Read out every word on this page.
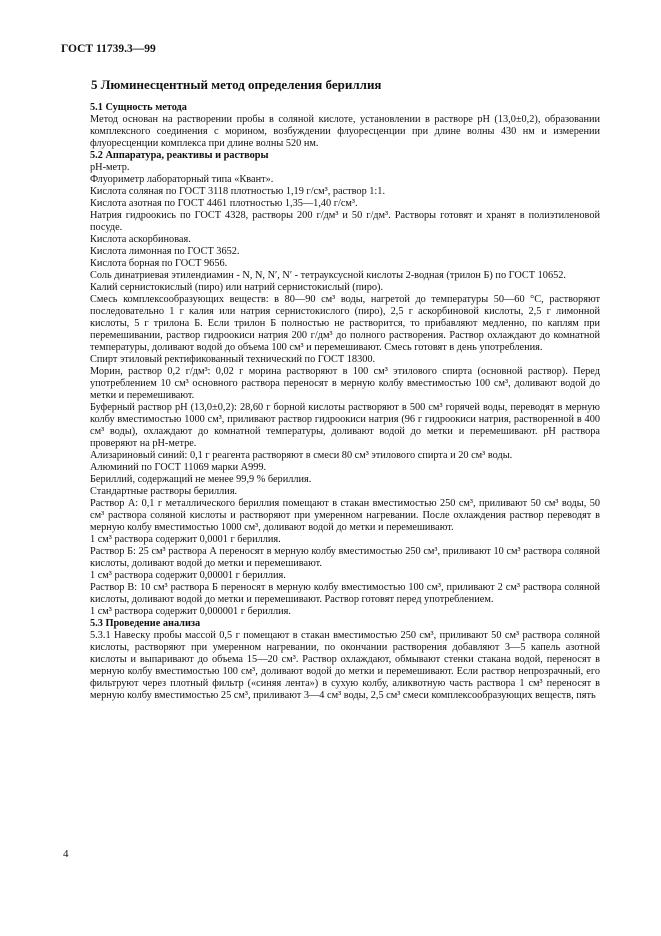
ГОСТ 11739.3—99
5 Люминесцентный метод определения бериллия

5.1 Сущность метода

Метод основан на растворении пробы в соляной кислоте, установлении в растворе pH (13,0±0,2), образовании комплексного соединения с морином, возбуждении флуоресценции при длине волны 430 нм и измерении флуоресценции комплекса при длине волны 520 нм.

5.2 Аппаратура, реактивы и растворы

pH-метр.

Флуориметр лабораторный типа «Квант».

Кислота соляная по ГОСТ 3118 плотностью 1,19 г/см³, раствор 1:1.

Кислота азотная по ГОСТ 4461 плотностью 1,35—1,40 г/см³.

Натрия гидроокись по ГОСТ 4328, растворы 200 г/дм³ и 50 г/дм³. Растворы готовят и хранят в полиэтиленовой посуде.

Кислота аскорбиновая.

Кислота лимонная по ГОСТ 3652.

Кислота борная по ГОСТ 9656.

Соль динатриевая этилендиамин - N, N, N′, N′ - тетрауксусной кислоты 2-водная (трилон Б) по ГОСТ 10652.

Калий сернистокислый (пиро) или натрий сернистокислый (пиро).

Смесь комплексообразующих веществ: в 80—90 см³ воды, нагретой до температуры 50—60 °С, растворяют последовательно 1 г калия или натрия сернистокислого (пиро), 2,5 г аскорбиновой кислоты, 2,5 г лимонной кислоты, 5 г трилона Б. Если трилон Б полностью не растворится, то прибавляют медленно, по каплям при перемешивании, раствор гидроокиси натрия 200 г/дм³ до полного растворения. Раствор охлаждают до комнатной температуры, доливают водой до объема 100 см³ и перемешивают. Смесь готовят в день употребления.

Спирт этиловый ректификованный технический по ГОСТ 18300.

Морин, раствор 0,2 г/дм³: 0,02 г морина растворяют в 100 см³ этилового спирта (основной раствор). Перед употреблением 10 см³ основного раствора переносят в мерную колбу вместимостью 100 см³, доливают водой до метки и перемешивают.

Буферный раствор pH (13,0±0,2): 28,60 г борной кислоты растворяют в 500 см³ горячей воды, переводят в мерную колбу вместимостью 1000 см³, приливают раствор гидроокиси натрия (96 г гидроокиси натрия, растворенной в 400 см³ воды), охлаждают до комнатной температуры, доливают водой до метки и перемешивают. pH раствора проверяют на pH-метре.

Ализариновый синий: 0,1 г реагента растворяют в смеси 80 см³ этилового спирта и 20 см³ воды.

Алюминий по ГОСТ 11069 марки А999.

Бериллий, содержащий не менее 99,9 % бериллия.

Стандартные растворы бериллия.

Раствор А: 0,1 г металлического бериллия помещают в стакан вместимостью 250 см³, приливают 50 см³ воды, 50 см³ раствора соляной кислоты и растворяют при умеренном нагревании. После охлаждения раствор переводят в мерную колбу вместимостью 1000 см³, доливают водой до метки и перемешивают.

1 см³ раствора содержит 0,0001 г бериллия.

Раствор Б: 25 см³ раствора А переносят в мерную колбу вместимостью 250 см³, приливают 10 см³ раствора соляной кислоты, доливают водой до метки и перемешивают.

1 см³ раствора содержит 0,00001 г бериллия.

Раствор В: 10 см³ раствора Б переносят в мерную колбу вместимостью 100 см³, приливают 2 см³ раствора соляной кислоты, доливают водой до метки и перемешивают. Раствор готовят перед употреблением.

1 см³ раствора содержит 0,000001 г бериллия.

5.3 Проведение анализа

5.3.1 Навеску пробы массой 0,5 г помещают в стакан вместимостью 250 см³, приливают 50 см³ раствора соляной кислоты, растворяют при умеренном нагревании, по окончании растворения добавляют 3—5 капель азотной кислоты и выпаривают до объема 15—20 см³. Раствор охлаждают, обмывают стенки стакана водой, переносят в мерную колбу вместимостью 100 см³, доливают водой до метки и перемешивают. Если раствор непрозрачный, его фильтруют через плотный фильтр («синяя лента») в сухую колбу, аликвотную часть раствора 1 см³ переносят в мерную колбу вместимостью 25 см³, приливают 3—4 см³ воды, 2,5 см³ смеси комплексообразующих веществ, пять

4
